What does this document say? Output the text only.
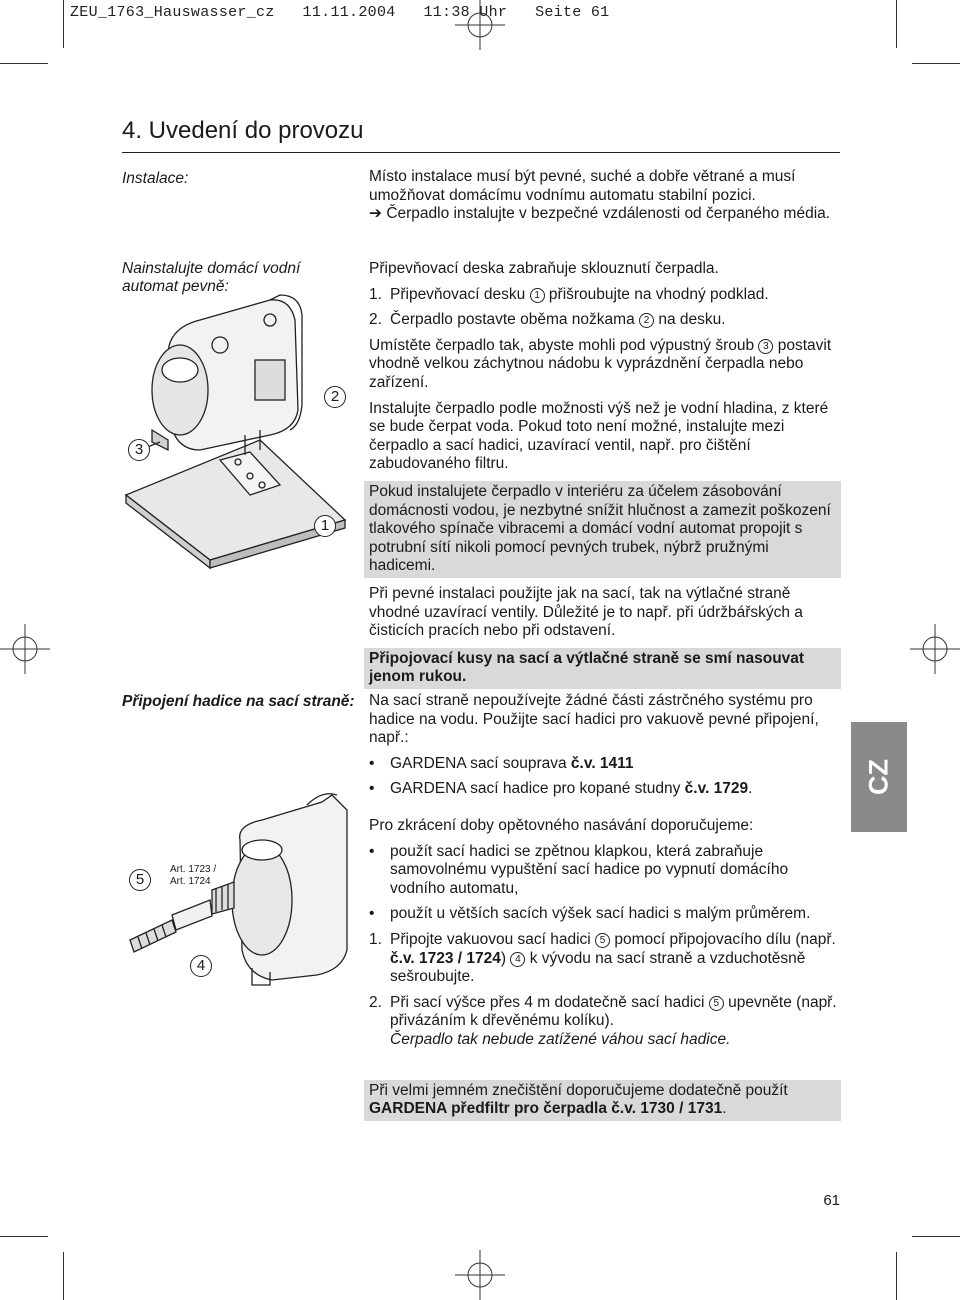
ZEU_1763_Hauswasser_cz   11.11.2004   11:38 Uhr   Seite 61
4. Uvedení do provozu
Instalace:	Místo instalace musí být pevné, suché a dobře větrané a musí umožňovat domácímu vodnímu automatu stabilní pozici.

➔ Čerpadlo instalujte v bezpečné vzdálenosti od čerpaného média.

Nainstalujte domácí vodní automat pevně:

Připevňovací deska zabraňuje sklouznutí čerpadla.

1. Připevňovací desku 1 přišroubujte na vhodný podklad.

2. Čerpadlo postavte oběma nožkama 2 na desku.

Umístěte čerpadlo tak, abyste mohli pod výpustný šroub 3 postavit vhodně velkou záchytnou nádobu k vyprázdnění čerpadla nebo zařízení.

Instalujte čerpadlo podle možnosti výš než je vodní hladina, z které se bude čerpat voda. Pokud toto není možné, instalujte mezi čerpadlo a sací hadici, uzavírací ventil, např. pro čištění zabudovaného filtru.

Pokud instalujete čerpadlo v interiéru za účelem zásobování domácnosti vodou, je nezbytné snížit hlučnost a zamezit poškození tlakového spínače vibracemi a domácí vodní automat propojit s potrubní sítí nikoli pomocí pevných trubek, nýbrž pružnými hadicemi.

Při pevné instalaci použijte jak na sací, tak na výtlačné straně vhodné uzavírací ventily. Důležité je to např. při údržbářských a čisticích pracích nebo při odstavení.

Připojovací kusy na sací a výtlačné straně se smí nasouvat jenom rukou.

1
2
3
Připojení hadice na sací straně: Na sací straně nepoužívejte žádné části zástrčného systému pro hadice na vodu. Použijte sací hadici pro vakuově pevné připojení, např.:

• GARDENA sací souprava č.v. 1411

• GARDENA sací hadice pro kopané studny č.v. 1729.

Pro zkrácení doby opětovného nasávání doporučujeme:

• použít sací hadici se zpětnou klapkou, která zabraňuje samovolnému vypuštění sací hadice po vypnutí domácího vodního automatu,

• použít u větších sacích výšek sací hadici s malým průměrem.

1. Připojte vakuovou sací hadici 5 pomocí připojovacího dílu (např. č.v. 1723 / 1724) 4 k vývodu na sací straně a vzduchotěsně sešroubujte.

2. Při sací výšce přes 4 m dodatečně sací hadici 5 upevněte (např. přivázáním k dřevěnému kolíku).
Čerpadlo tak nebude zatížené váhou sací hadice.

Při velmi jemném znečištění doporučujeme dodatečně použít GARDENA předfiltr pro čerpadla č.v. 1730 / 1731.

5
4
Art. 1723 /
Art. 1724
CZ
61
